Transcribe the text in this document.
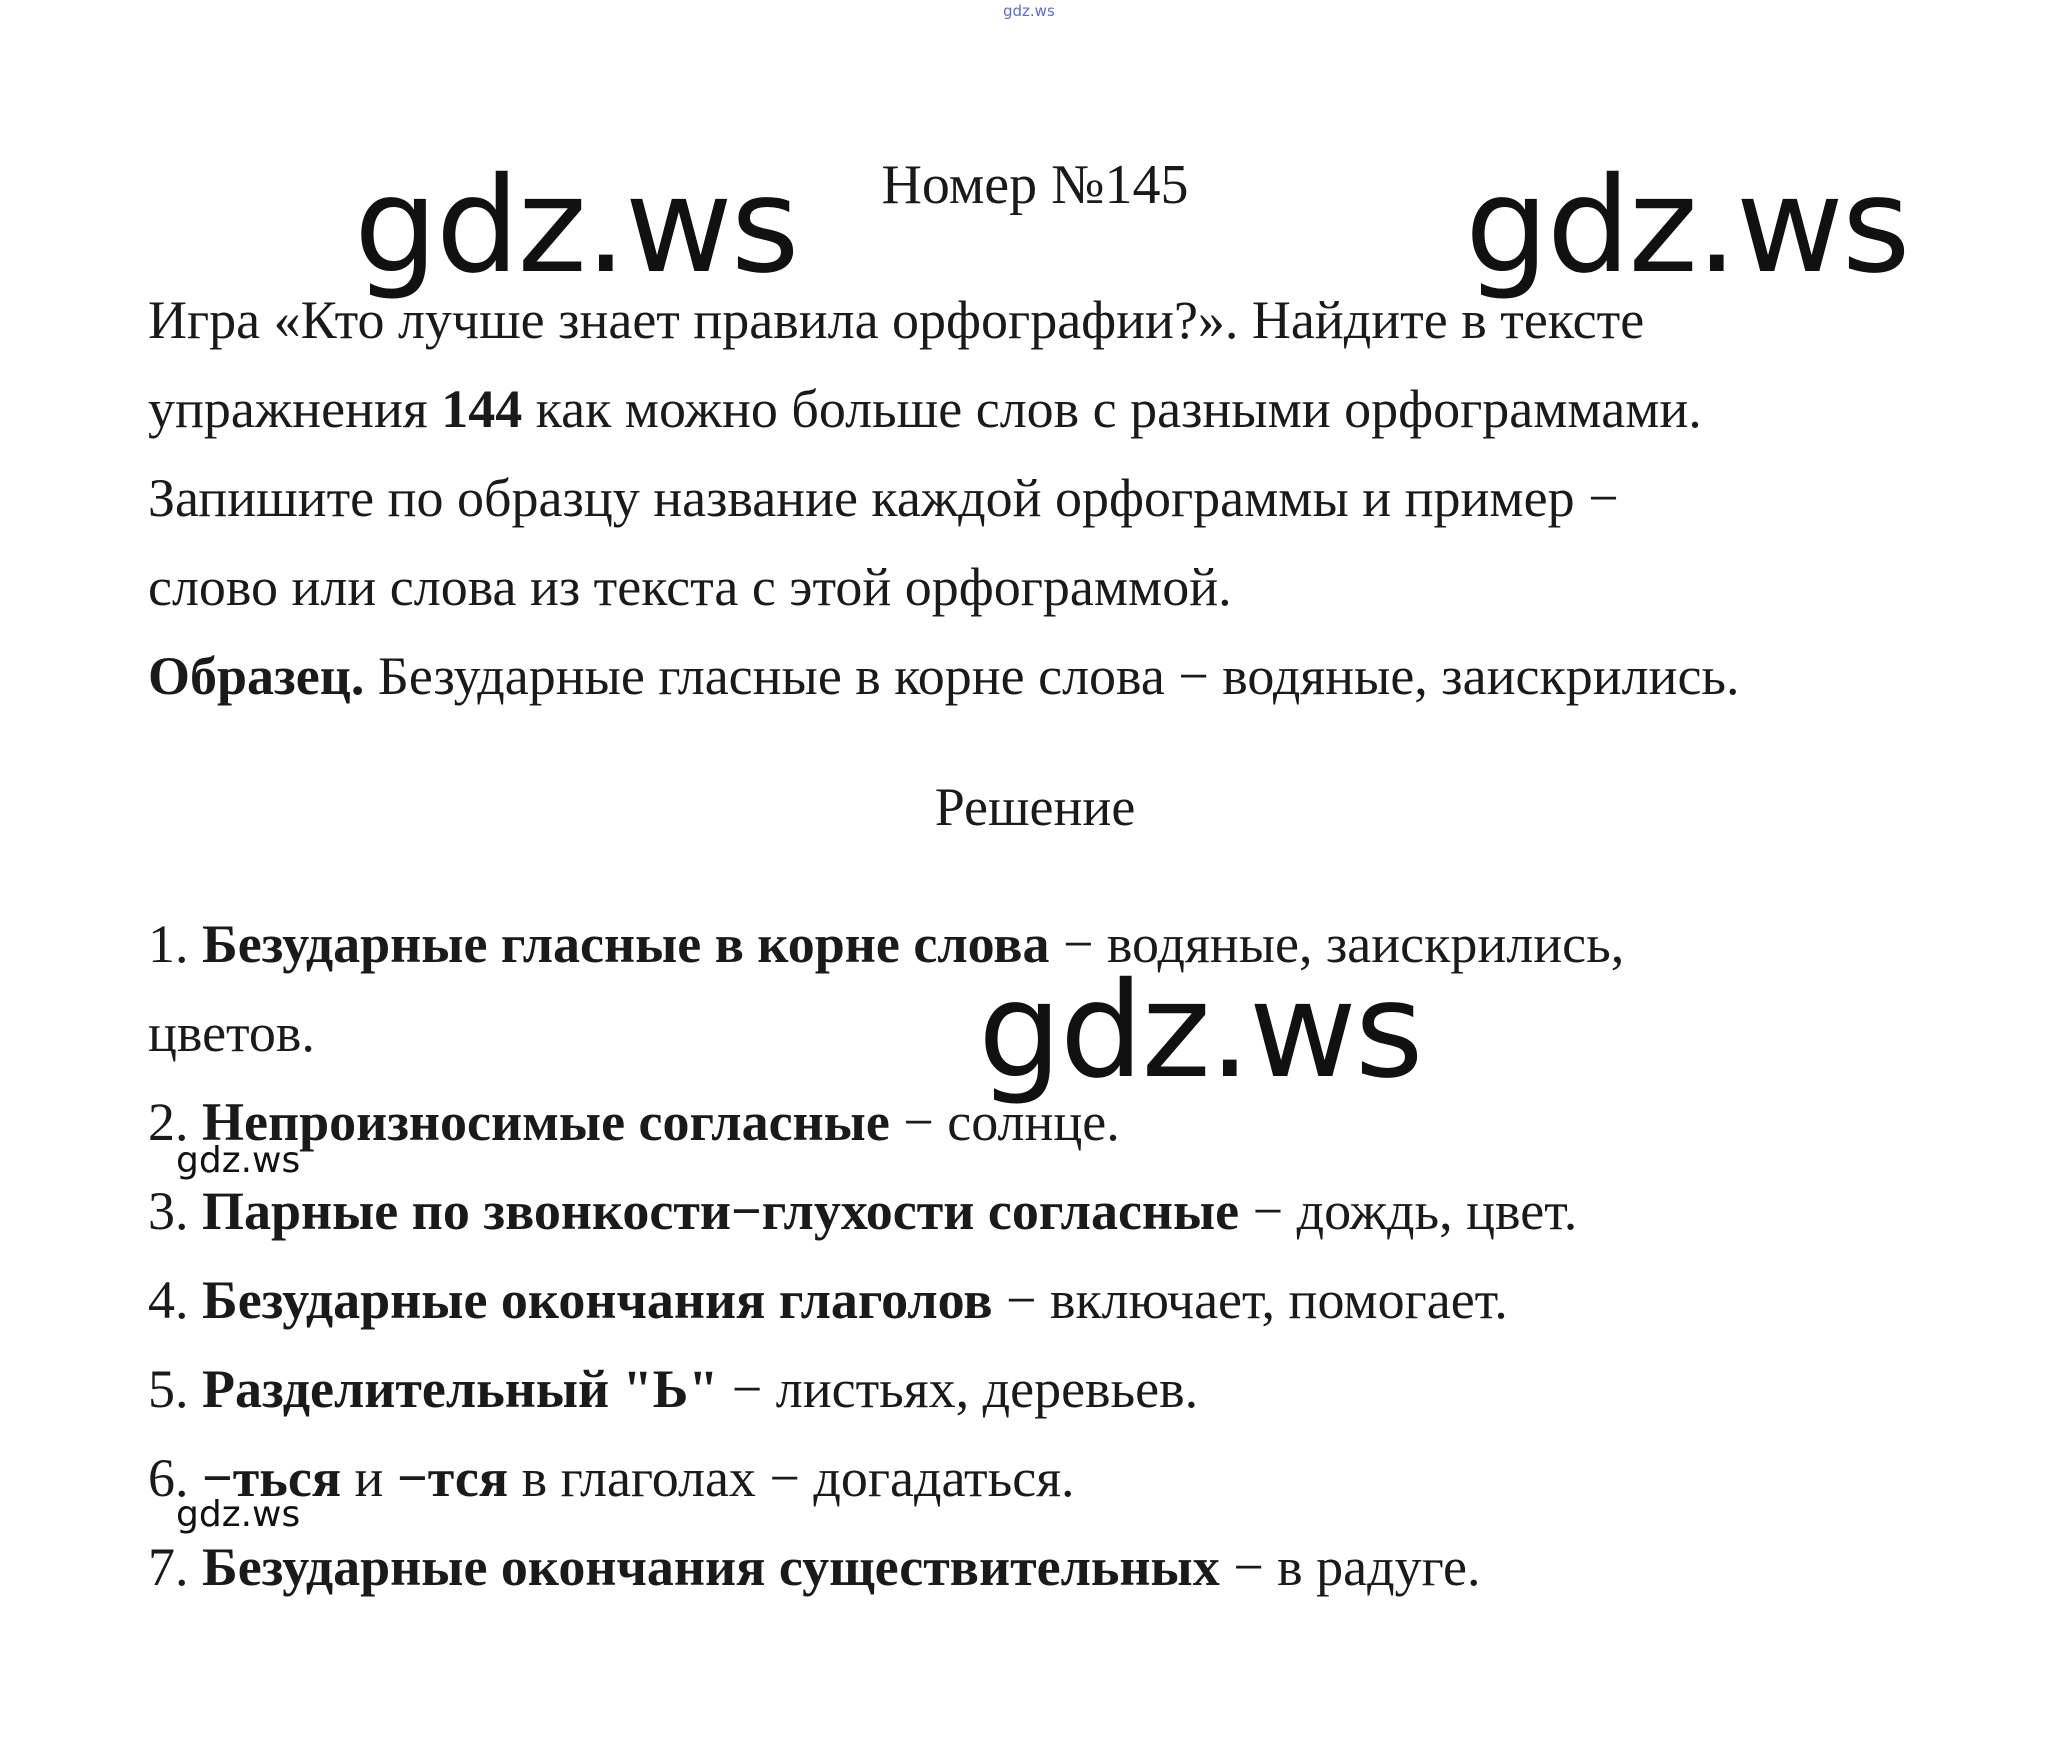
gdz.ws
gdz.ws	gdz.ws
Номер №145
Игра «Кто лучше знает правила орфографии?». Найдите в тексте
упражнения 144 как можно больше слов с разными орфограммами.
Запишите по образцу название каждой орфограммы и пример −
слово или слова из текста с этой орфограммой.
Образец. Безударные гласные в корне слова − водяные, заискрились.
Решение
1. Безударные гласные в корне слова − водяные, заискрились,
цветов.
2. Непроизносимые согласные − солнце.
3. Парные по звонкости−глухости согласные − дождь, цвет.
4. Безударные окончания глаголов − включает, помогает.
5. Разделительный "Ь" − листьях, деревьев.
6. −ться и −тся в глаголах − догадаться.
7. Безударные окончания существительных − в радуге.
gdz.ws
gdz.ws
gdz.ws
